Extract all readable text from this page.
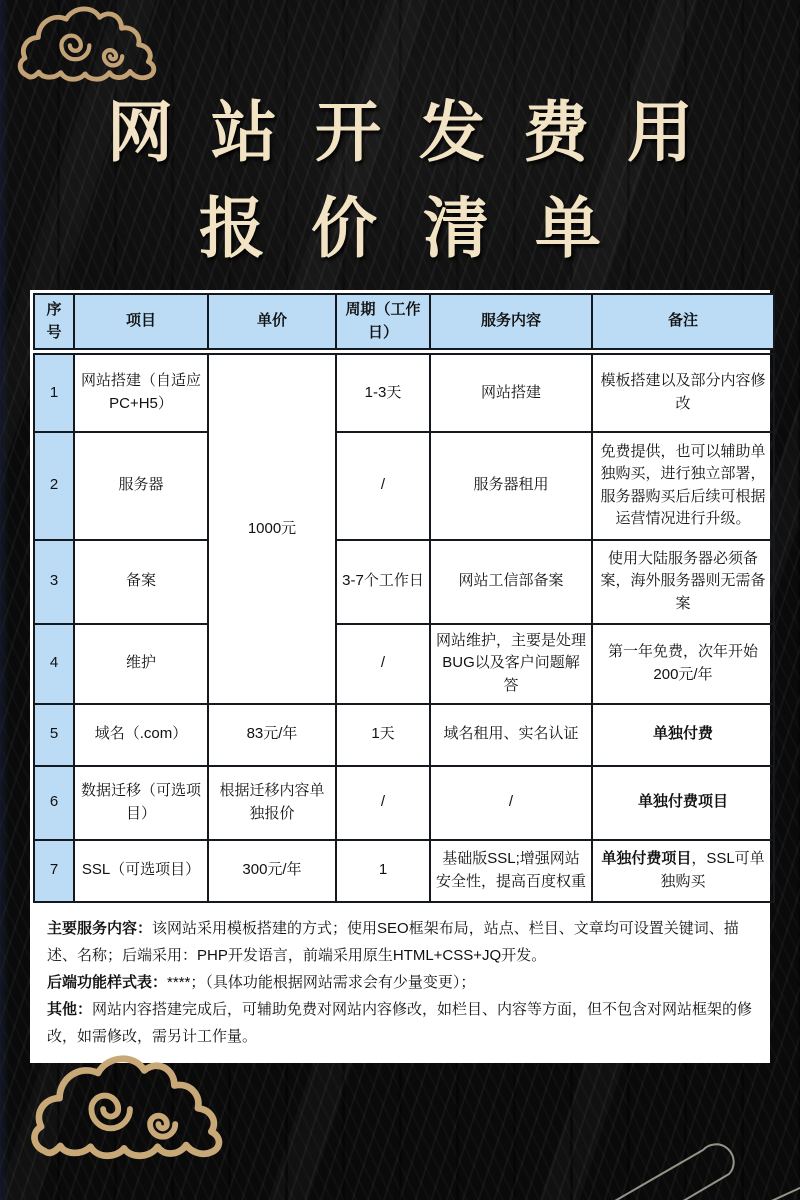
网站开发费用
报价清单
序号	项目	单价	周期（工作日）	服务内容	备注
1	网站搭建（自适应PC+H5）	1000元	1-3天	网站搭建	模板搭建以及部分内容修改
2	服务器		/	服务器租用	免费提供，也可以辅助单独购买，进行独立部署，服务器购买后后续可根据运营情况进行升级。
3	备案		3-7个工作日	网站工信部备案	使用大陆服务器必须备案，海外服务器则无需备案
4	维护		/	网站维护，主要是处理BUG以及客户问题解答	第一年免费，次年开始200元/年
5	域名（.com）	83元/年	1天	域名租用、实名认证	单独付费
6	数据迁移（可选项目）	根据迁移内容单独报价	/	/	单独付费项目
7	SSL（可选项目）	300元/年	1	基础版SSL;增强网站安全性，提高百度权重	单独付费项目，SSL可单独购买

主要服务内容：该网站采用模板搭建的方式；使用SEO框架布局，站点、栏目、文章均可设置关键词、描述、名称；后端采用：PHP开发语言，前端采用原生HTML+CSS+JQ开发。

后端功能样式表：****；（具体功能根据网站需求会有少量变更）；

其他：网站内容搭建完成后，可辅助免费对网站内容修改，如栏目、内容等方面，但不包含对网站框架的修改，如需修改，需另计工作量。
